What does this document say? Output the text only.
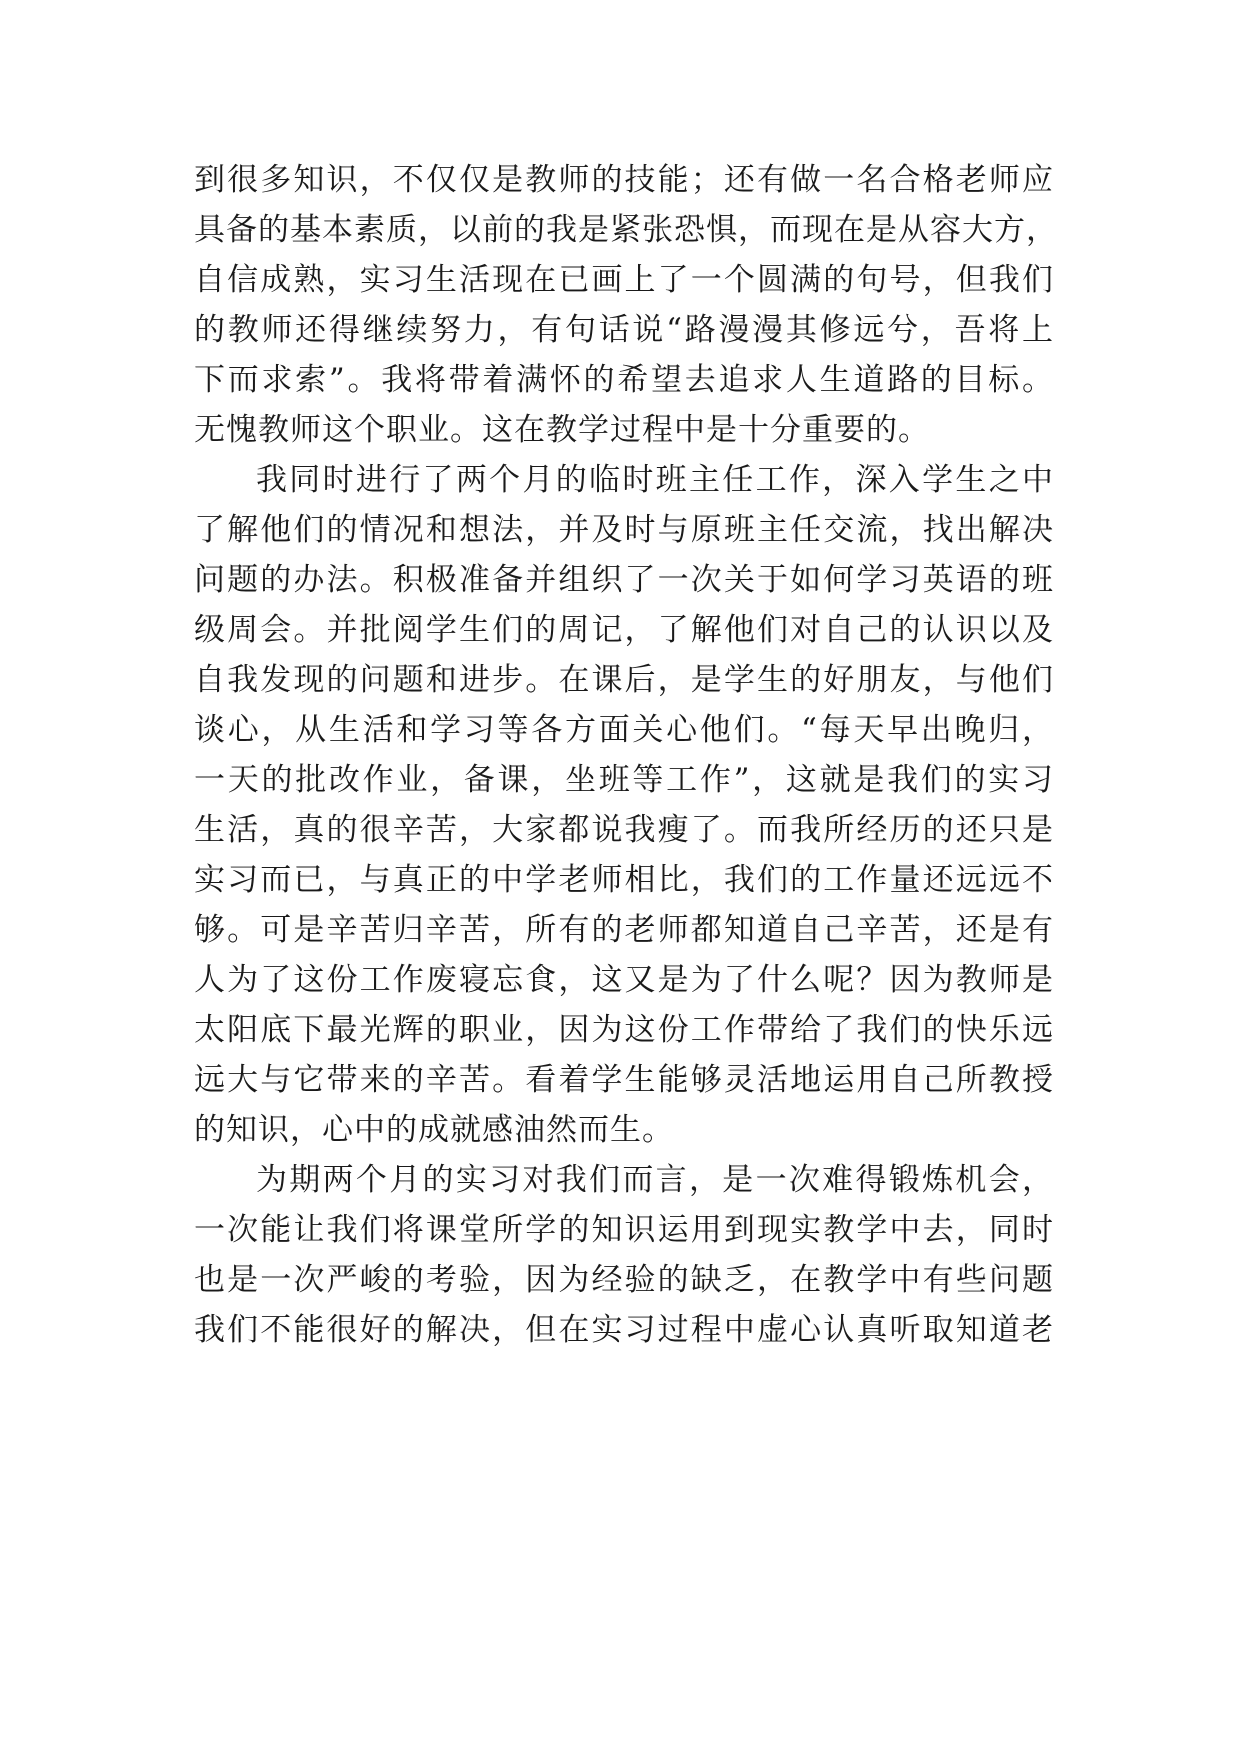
到很多知识，不仅仅是教师的技能；还有做一名合格老师应
具备的基本素质，以前的我是紧张恐惧，而现在是从容大方，
自信成熟，实习生活现在已画上了一个圆满的句号，但我们
的教师还得继续努力，有句话说“路漫漫其修远兮，吾将上
下而求索”。我将带着满怀的希望去追求人生道路的目标。
无愧教师这个职业。这在教学过程中是十分重要的。
我同时进行了两个月的临时班主任工作，深入学生之中
了解他们的情况和想法，并及时与原班主任交流，找出解决
问题的办法。积极准备并组织了一次关于如何学习英语的班
级周会。并批阅学生们的周记，了解他们对自己的认识以及
自我发现的问题和进步。在课后，是学生的好朋友，与他们
谈心，从生活和学习等各方面关心他们。“每天早出晚归，
一天的批改作业，备课，坐班等工作”，这就是我们的实习
生活，真的很辛苦，大家都说我瘦了。而我所经历的还只是
实习而已，与真正的中学老师相比，我们的工作量还远远不
够。可是辛苦归辛苦，所有的老师都知道自己辛苦，还是有
人为了这份工作废寝忘食，这又是为了什么呢？因为教师是
太阳底下最光辉的职业，因为这份工作带给了我们的快乐远
远大与它带来的辛苦。看着学生能够灵活地运用自己所教授
的知识，心中的成就感油然而生。
为期两个月的实习对我们而言，是一次难得锻炼机会，
一次能让我们将课堂所学的知识运用到现实教学中去，同时
也是一次严峻的考验，因为经验的缺乏，在教学中有些问题
我们不能很好的解决，但在实习过程中虚心认真听取知道老
